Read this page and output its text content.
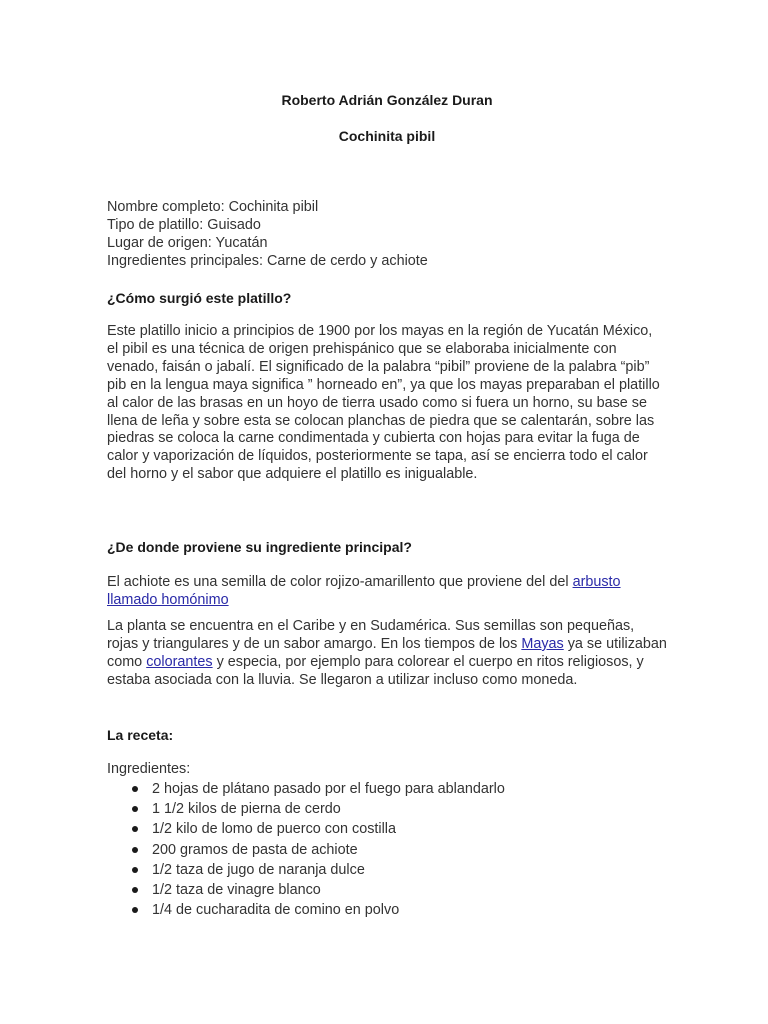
Roberto Adrián González Duran
Cochinita pibil
Nombre completo: Cochinita pibil
Tipo de platillo: Guisado
Lugar de origen: Yucatán
Ingredientes principales: Carne de cerdo y achiote
¿Cómo surgió este platillo?

Este platillo inicio a principios de 1900 por los mayas en la región de Yucatán México, el pibil es una técnica de origen prehispánico que se elaboraba inicialmente con venado, faisán o jabalí. El significado de la palabra “pibil” proviene de la palabra “pib” pib en la lengua maya significa ” horneado en”, ya que los mayas preparaban el platillo al calor de las brasas en un hoyo de tierra usado como si fuera un horno, su base se llena de leña y sobre esta se colocan planchas de piedra que se calentarán, sobre las piedras se coloca la carne condimentada y cubierta con hojas para evitar la fuga de calor y vaporización de líquidos, posteriormente se tapa, así se encierra todo el calor del horno y el sabor que adquiere el platillo es inigualable.

¿De donde proviene su ingrediente principal?

El achiote es una semilla de color rojizo-amarillento que proviene del del arbusto llamado homónimo

La planta se encuentra en el Caribe y en Sudamérica. Sus semillas son pequeñas, rojas y triangulares y de un sabor amargo. En los tiempos de los Mayas ya se utilizaban como colorantes y especia, por ejemplo para colorear el cuerpo en ritos religiosos, y estaba asociada con la lluvia. Se llegaron a utilizar incluso como moneda.

La receta:
Ingredientes:
2 hojas de plátano pasado por el fuego para ablandarlo
1 1/2 kilos de pierna de cerdo
1/2 kilo de lomo de puerco con costilla
200 gramos de pasta de achiote
1/2 taza de jugo de naranja dulce
1/2 taza de vinagre blanco
1/4 de cucharadita de comino en polvo
